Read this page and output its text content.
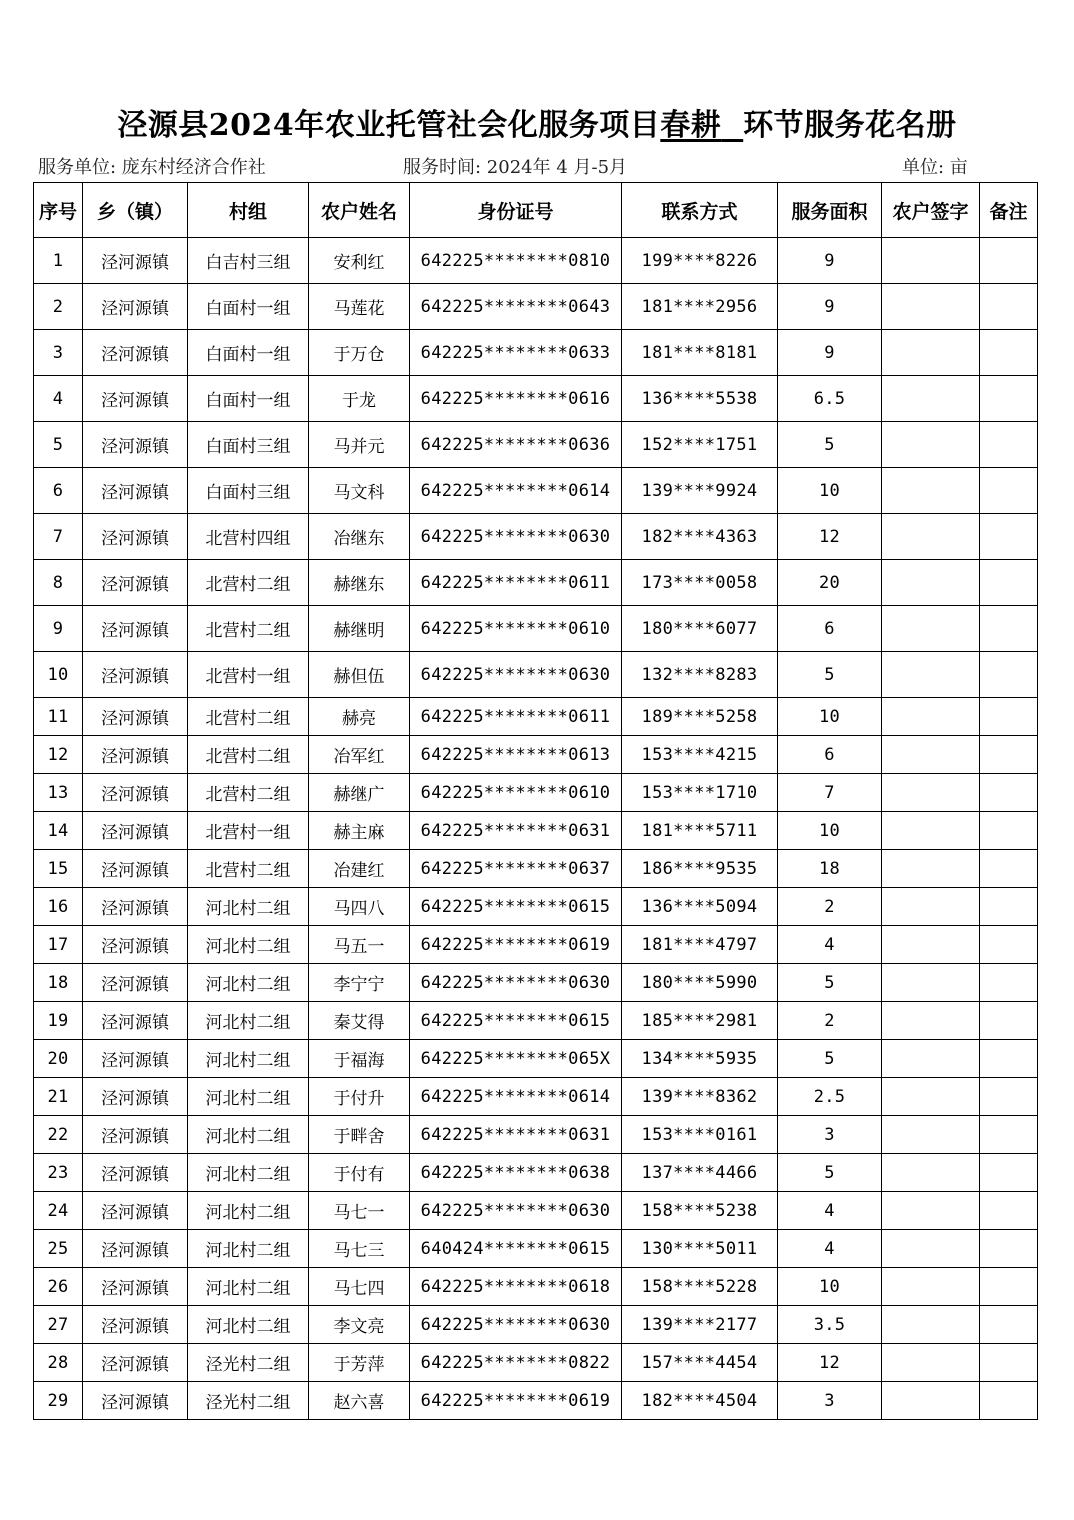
泾源县2024年农业托管社会化服务项目春耕 环节服务花名册
服务单位: 庞东村经济合作社	服务时间: 2024年 4 月-5月	单位: 亩
序号	乡（镇）	村组	农户姓名	身份证号	联系方式	服务面积	农户签字	备注
1	泾河源镇	白吉村三组	安利红	642225********0810	199****8226	9		
2	泾河源镇	白面村一组	马莲花	642225********0643	181****2956	9		
3	泾河源镇	白面村一组	于万仓	642225********0633	181****8181	9		
4	泾河源镇	白面村一组	于龙	642225********0616	136****5538	6.5		
5	泾河源镇	白面村三组	马并元	642225********0636	152****1751	5		
6	泾河源镇	白面村三组	马文科	642225********0614	139****9924	10		
7	泾河源镇	北营村四组	冶继东	642225********0630	182****4363	12		
8	泾河源镇	北营村二组	赫继东	642225********0611	173****0058	20		
9	泾河源镇	北营村二组	赫继明	642225********0610	180****6077	6		
10	泾河源镇	北营村一组	赫但伍	642225********0630	132****8283	5		
11	泾河源镇	北营村二组	赫亮	642225********0611	189****5258	10		
12	泾河源镇	北营村二组	冶军红	642225********0613	153****4215	6		
13	泾河源镇	北营村二组	赫继广	642225********0610	153****1710	7		
14	泾河源镇	北营村一组	赫主麻	642225********0631	181****5711	10		
15	泾河源镇	北营村二组	冶建红	642225********0637	186****9535	18		
16	泾河源镇	河北村二组	马四八	642225********0615	136****5094	2		
17	泾河源镇	河北村二组	马五一	642225********0619	181****4797	4		
18	泾河源镇	河北村二组	李宁宁	642225********0630	180****5990	5		
19	泾河源镇	河北村二组	秦艾得	642225********0615	185****2981	2		
20	泾河源镇	河北村二组	于福海	642225********065X	134****5935	5		
21	泾河源镇	河北村二组	于付升	642225********0614	139****8362	2.5		
22	泾河源镇	河北村二组	于畔舍	642225********0631	153****0161	3		
23	泾河源镇	河北村二组	于付有	642225********0638	137****4466	5		
24	泾河源镇	河北村二组	马七一	642225********0630	158****5238	4		
25	泾河源镇	河北村二组	马七三	640424********0615	130****5011	4		
26	泾河源镇	河北村二组	马七四	642225********0618	158****5228	10		
27	泾河源镇	河北村二组	李文亮	642225********0630	139****2177	3.5		
28	泾河源镇	泾光村二组	于芳萍	642225********0822	157****4454	12		
29	泾河源镇	泾光村二组	赵六喜	642225********0619	182****4504	3		
